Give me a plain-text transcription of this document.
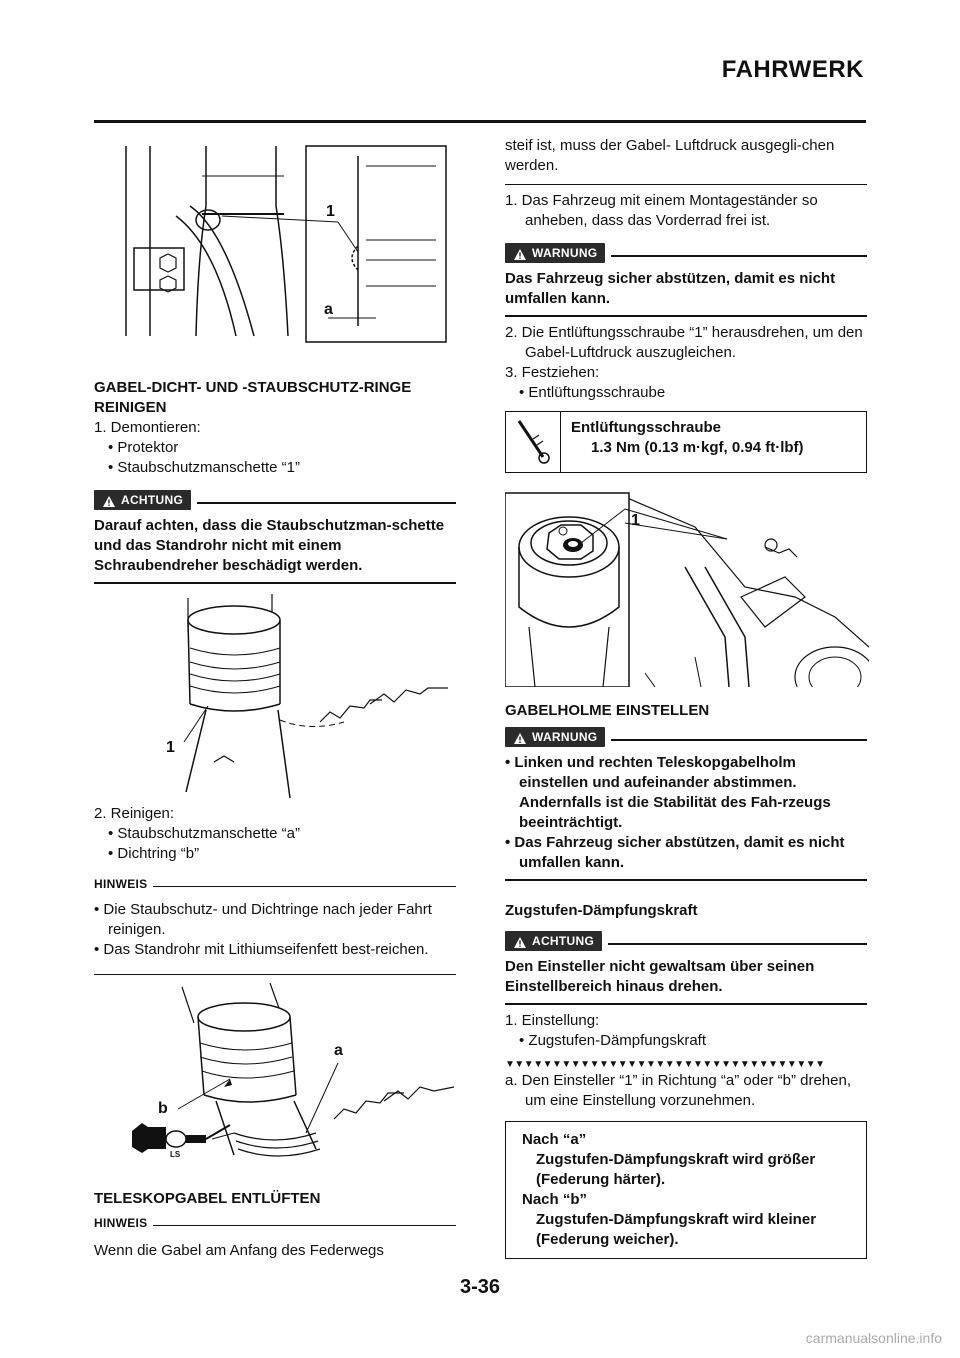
FAHRWERK
1
a

GABEL-DICHT- UND -STAUBSCHUTZ-RINGE REINIGEN

1. Demontieren:

• Protektor

• Staubschutzmanschette “1”

ACHTUNG

Darauf achten, dass die Staubschutzman-schette und das Standrohr nicht mit einem Schraubendreher beschädigt werden.

1

2. Reinigen:

• Staubschutzmanschette “a”

• Dichtring “b”

HINWEIS

• Die Staubschutz- und Dichtringe nach jeder Fahrt reinigen.

• Das Standrohr mit Lithiumseifenfett best-reichen.

LS
a
b

TELESKOPGABEL ENTLÜFTEN

HINWEIS

Wenn die Gabel am Anfang des Federwegs

steif ist, muss der Gabel- Luftdruck ausgegli-chen werden.

1. Das Fahrzeug mit einem Montageständer so anheben, dass das Vorderrad frei ist.

WARNUNG

Das Fahrzeug sicher abstützen, damit es nicht umfallen kann.

2. Die Entlüftungsschraube “1” herausdrehen, um den Gabel-Luftdruck auszugleichen.

3. Festziehen:

• Entlüftungsschraube

Entlüftungsschraube
1.3 Nm (0.13 m·kgf, 0.94 ft·lbf)
1

GABELHOLME EINSTELLEN

WARNUNG

• Linken und rechten Teleskopgabelholm einstellen und aufeinander abstimmen. Andernfalls ist die Stabilität des Fah-rzeugs beeinträchtigt.

• Das Fahrzeug sicher abstützen, damit es nicht umfallen kann.

Zugstufen-Dämpfungskraft

ACHTUNG

Den Einsteller nicht gewaltsam über seinen Einstellbereich hinaus drehen.

1. Einstellung:

• Zugstufen-Dämpfungskraft

▼▼▼▼▼▼▼▼▼▼▼▼▼▼▼▼▼▼▼▼▼▼▼▼▼▼▼▼▼▼▼▼▼▼

a. Den Einsteller “1” in Richtung “a” oder “b” drehen, um eine Einstellung vorzunehmen.

Nach “a”
Zugstufen-Dämpfungskraft wird größer (Federung härter).
Nach “b”
Zugstufen-Dämpfungskraft wird kleiner (Federung weicher).
3-36
carmanualsonline.info
